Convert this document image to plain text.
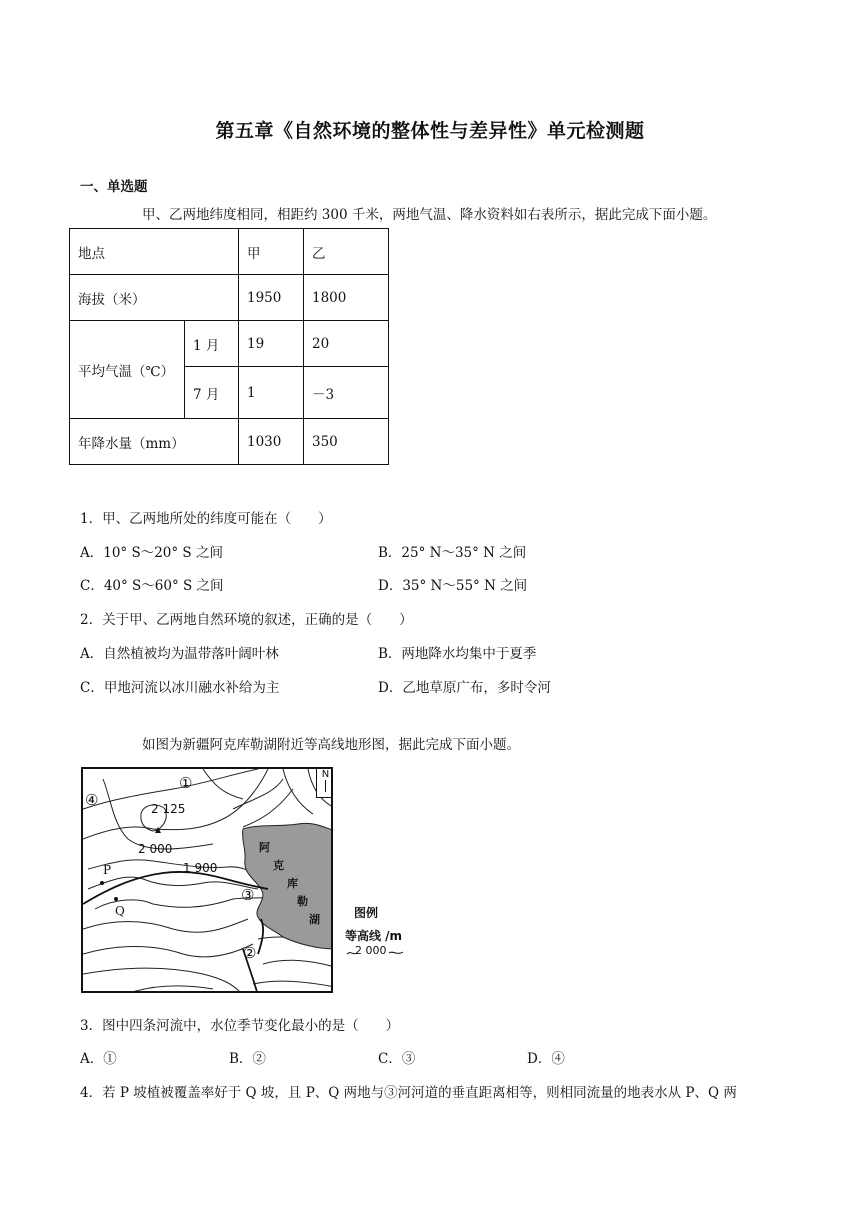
第五章《自然环境的整体性与差异性》单元检测题
一、单选题
甲、乙两地纬度相同，相距约 300 千米，两地气温、降水资料如右表所示，据此完成下面小题。
地点		甲	乙
海拔（米）		1950	1800
平均气温（℃）	1 月	19	20
	7 月	1	－3
年降水量（mm）		1030	350
1．甲、乙两地所处的纬度可能在（　　）
A．10° S～20° S 之间	B．25° N～35° N 之间
C．40° S～60° S 之间	D．35° N～55° N 之间
2．关于甲、乙两地自然环境的叙述，正确的是（　　）
A．自然植被均为温带落叶阔叶林	B．两地降水均集中于夏季
C．甲地河流以冰川融水补给为主	D．乙地草原广布，多时令河
如图为新疆阿克库勒湖附近等高线地形图，据此完成下面小题。
2 125
2 000
1 900
①
②
③
④
P
Q
N
阿
克
库
勒
湖	图例
等高线 /m
2 000
3．图中四条河流中，水位季节变化最小的是（　　）
A．①	B．②	C．③	D．④
4．若 P 坡植被覆盖率好于 Q 坡，且 P、Q 两地与③河河道的垂直距离相等，则相同流量的地表水从 P、Q 两
